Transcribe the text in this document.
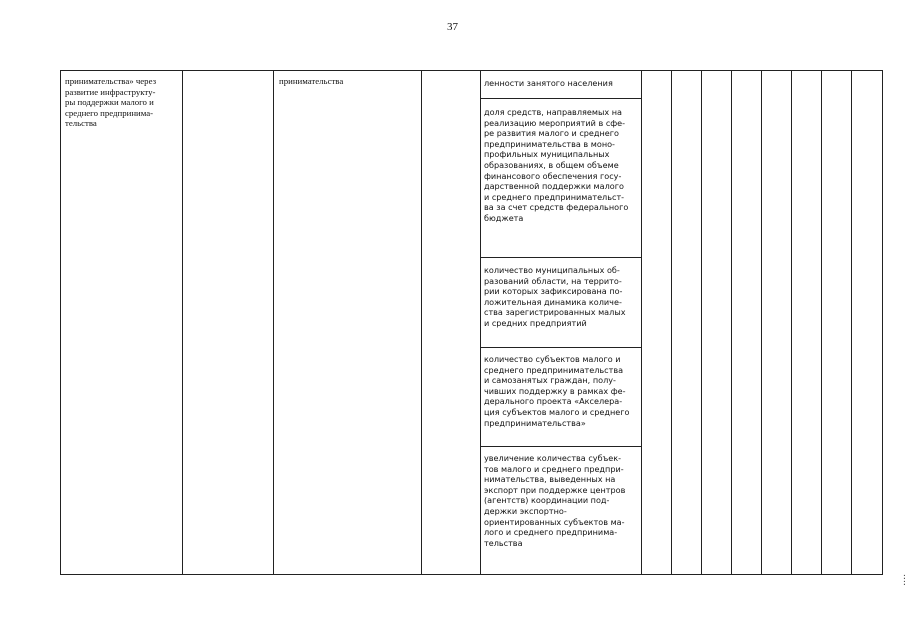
37
принимательства» через
развитие инфраструкту-
ры поддержки малого и
среднего предпринима-
тельства
принимательства	ленности занятого населения
доля средств, направляемых на
реализацию мероприятий в сфе-
ре развития малого и среднего
предпринимательства в моно-
профильных муниципальных
образованиях, в общем объеме
финансового обеспечения госу-
дарственной поддержки малого
и среднего предпринимательст-
ва за счет средств федерального
бюджета
количество муниципальных об-
разований области, на террито-
рии которых зафиксирована по-
ложительная динамика количе-
ства зарегистрированных малых
и средних предприятий
количество субъектов малого и
среднего предпринимательства
и самозанятых граждан, полу-
чивших поддержку в рамках фе-
дерального проекта «Акселера-
ция субъектов малого и среднего
предпринимательства»
увеличение количества субъек-
тов малого и среднего предпри-
нимательства, выведенных на
экспорт при поддержке центров
(агентств) координации под-
держки экспортно-
ориентированных субъектов ма-
лого и среднего предпринима-
тельства
:
:
